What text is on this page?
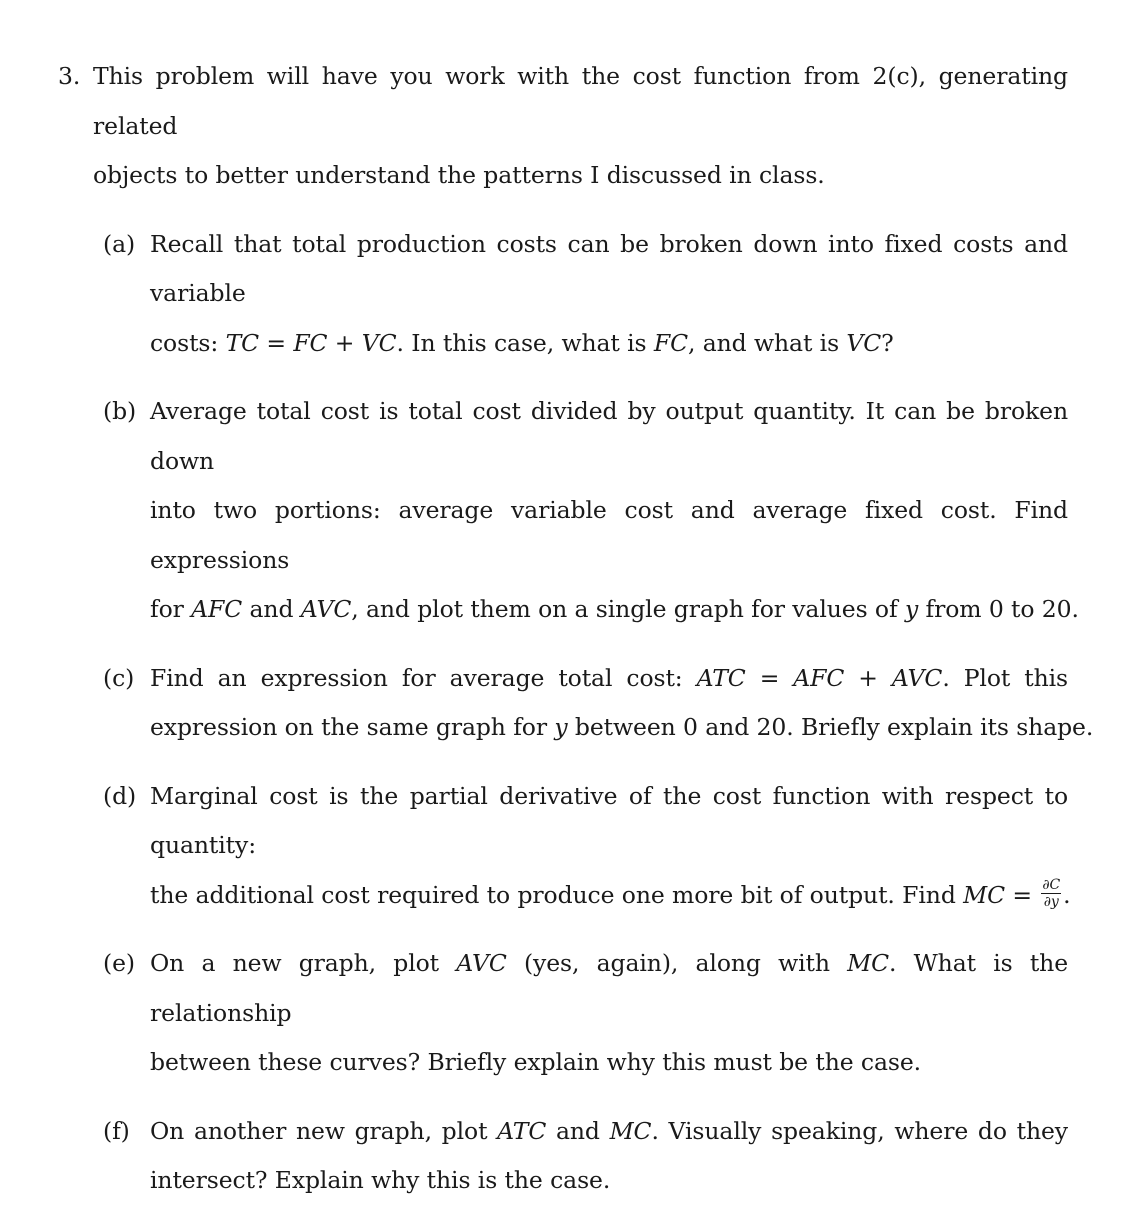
3. This problem will have you work with the cost function from 2(c), generating related
objects to better understand the patterns I discussed in class.
(a) Recall that total production costs can be broken down into fixed costs and variable
costs: TC = FC + VC. In this case, what is FC, and what is VC?
(b) Average total cost is total cost divided by output quantity. It can be broken down
into two portions: average variable cost and average fixed cost. Find expressions
for AFC and AVC, and plot them on a single graph for values of y from 0 to 20.
(c) Find an expression for average total cost: ATC = AFC + AVC. Plot this
expression on the same graph for y between 0 and 20. Briefly explain its shape.
(d) Marginal cost is the partial derivative of the cost function with respect to quantity:
the additional cost required to produce one more bit of output. Find MC = $\frac{\partial C}{\partial y}$ .
(e) On a new graph, plot AVC (yes, again), along with MC. What is the relationship
between these curves? Briefly explain why this must be the case.
(f) On another new graph, plot ATC and MC. Visually speaking, where do they
intersect? Explain why this is the case.
